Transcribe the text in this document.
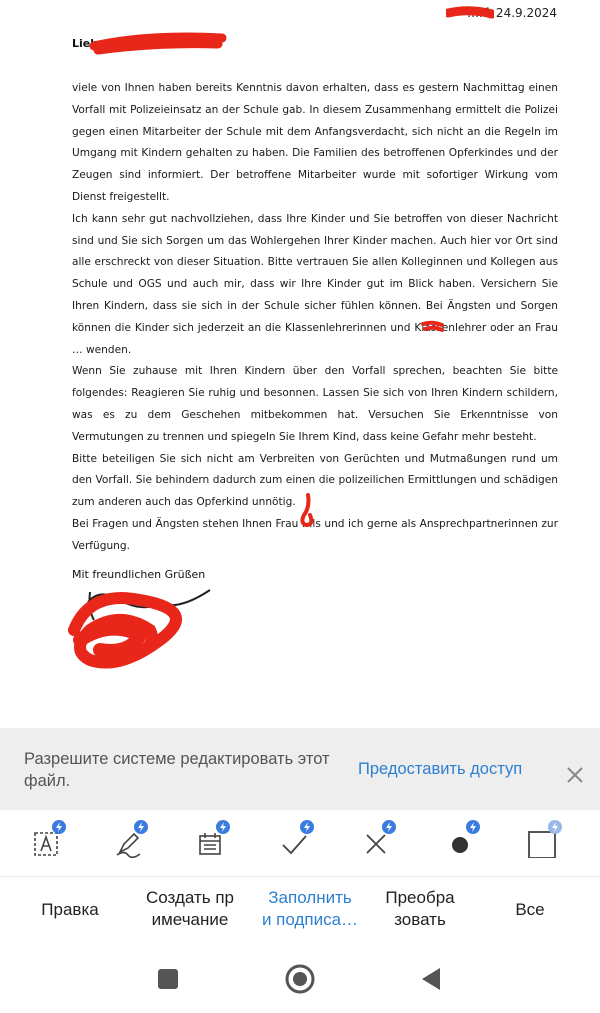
…rf, 24.9.2024
Lieb… …ltee,

viele von Ihnen haben bereits Kenntnis davon erhalten, dass es gestern Nachmittag einen Vorfall mit Polizeieinsatz an der Schule gab. In diesem Zusammenhang ermittelt die Polizei gegen einen Mitarbeiter der Schule mit dem Anfangsverdacht, sich nicht an die Regeln im Umgang mit Kindern gehalten zu haben. Die Familien des betroffenen Opferkindes und der Zeugen sind informiert. Der betroffene Mitarbeiter wurde mit sofortiger Wirkung vom Dienst freigestellt.

Ich kann sehr gut nachvollziehen, dass Ihre Kinder und Sie betroffen von dieser Nachricht sind und Sie sich Sorgen um das Wohlergehen Ihrer Kinder machen. Auch hier vor Ort sind alle erschreckt von dieser Situation. Bitte vertrauen Sie allen Kolleginnen und Kollegen aus Schule und OGS und auch mir, dass wir Ihre Kinder gut im Blick haben. Versichern Sie Ihren Kindern, dass sie sich in der Schule sicher fühlen können. Bei Ängsten und Sorgen können die Kinder sich jederzeit an die Klassenlehrerinnen und Klassenlehrer oder an Frau … wenden.

Wenn Sie zuhause mit Ihren Kindern über den Vorfall sprechen, beachten Sie bitte folgendes: Reagieren Sie ruhig und besonnen. Lassen Sie sich von Ihren Kindern schildern, was es zu dem Geschehen mitbekommen hat. Versuchen Sie Erkenntnisse von Vermutungen zu trennen und spiegeln Sie Ihrem Kind, dass keine Gefahr mehr besteht.

Bitte beteiligen Sie sich nicht am Verbreiten von Gerüchten und Mutmaßungen rund um den Vorfall. Sie behindern dadurch zum einen die polizeilichen Ermittlungen und schädigen zum anderen auch das Opferkind unnötig.

Bei Fragen und Ängsten stehen Ihnen Frau …ls und ich gerne als Ansprechpartnerinnen zur Verfügung.

Mit freundlichen Grüßen
Разрешите системе редактировать этот файл.
Предоставить доступ
Правка
Создать пр
имечание
Заполнить
и подписа…
Преобра
зовать
Все
